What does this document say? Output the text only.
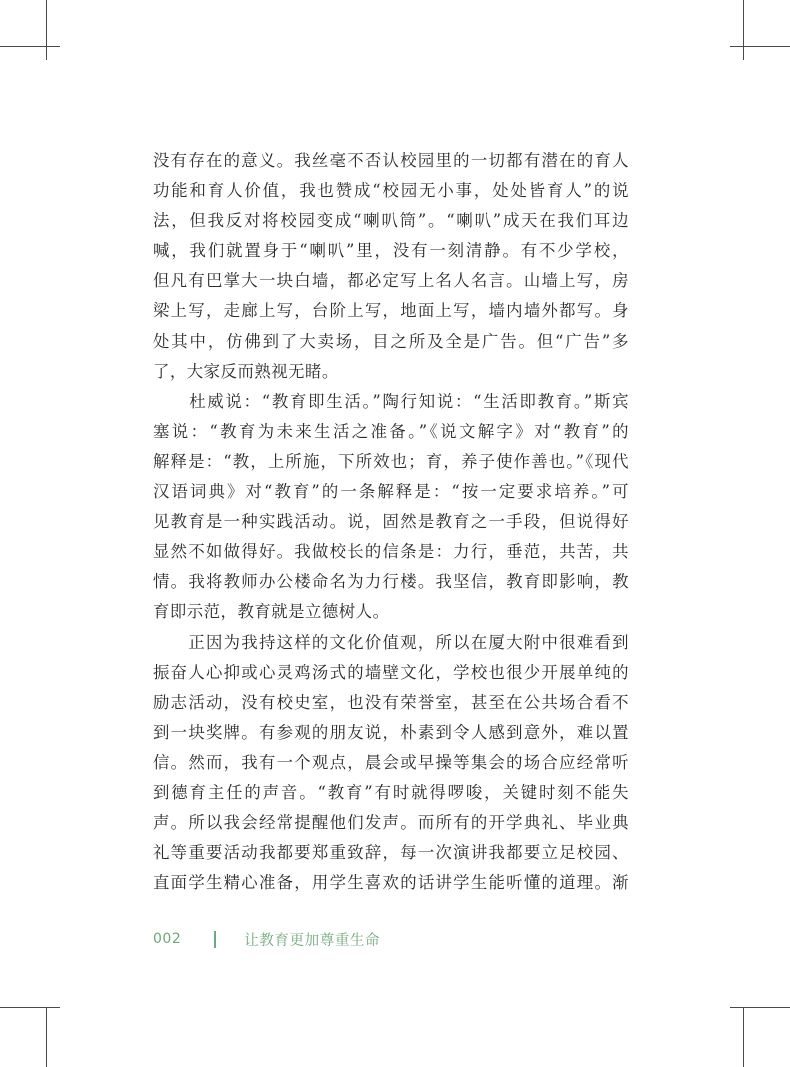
没有存在的意义。我丝毫不否认校园里的一切都有潜在的育人
功能和育人价值，我也赞成“校园无小事，处处皆育人”的说
法，但我反对将校园变成“喇叭筒”。“喇叭”成天在我们耳边
喊，我们就置身于“喇叭”里，没有一刻清静。有不少学校，
但凡有巴掌大一块白墙，都必定写上名人名言。山墙上写，房
梁上写，走廊上写，台阶上写，地面上写，墙内墙外都写。身
处其中，仿佛到了大卖场，目之所及全是广告。但“广告”多
了，大家反而熟视无睹。
　　杜威说：“教育即生活。”陶行知说：“生活即教育。”斯宾
塞说：“教育为未来生活之准备。”《说文解字》对“教育”的
解释是：“教，上所施，下所效也；育，养子使作善也。”《现代
汉语词典》对“教育”的一条解释是：“按一定要求培养。”可
见教育是一种实践活动。说，固然是教育之一手段，但说得好
显然不如做得好。我做校长的信条是：力行，垂范，共苦，共
情。我将教师办公楼命名为力行楼。我坚信，教育即影响，教
育即示范，教育就是立德树人。
　　正因为我持这样的文化价值观，所以在厦大附中很难看到
振奋人心抑或心灵鸡汤式的墙壁文化，学校也很少开展单纯的
励志活动，没有校史室，也没有荣誉室，甚至在公共场合看不
到一块奖牌。有参观的朋友说，朴素到令人感到意外，难以置
信。然而，我有一个观点，晨会或早操等集会的场合应经常听
到德育主任的声音。“教育”有时就得啰唆，关键时刻不能失
声。所以我会经常提醒他们发声。而所有的开学典礼、毕业典
礼等重要活动我都要郑重致辞，每一次演讲我都要立足校园、
直面学生精心准备，用学生喜欢的话讲学生能听懂的道理。渐
002	让教育更加尊重生命
